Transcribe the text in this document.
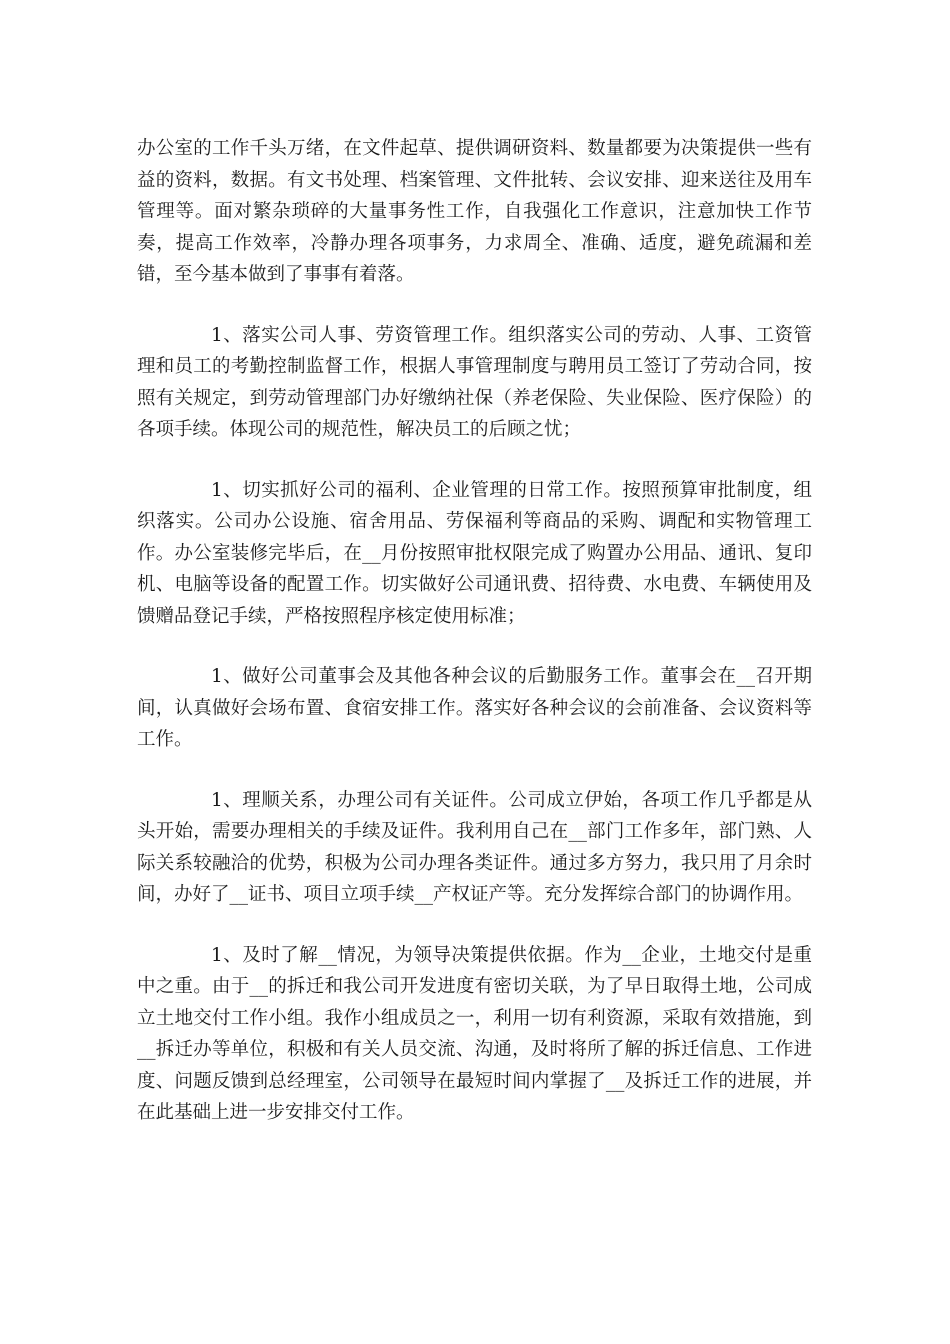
办公室的工作千头万绪，在文件起草、提供调研资料、数量都要为决策提供一些有益的资料，数据。有文书处理、档案管理、文件批转、会议安排、迎来送往及用车管理等。面对繁杂琐碎的大量事务性工作，自我强化工作意识，注意加快工作节奏，提高工作效率，冷静办理各项事务，力求周全、准确、适度，避免疏漏和差错，至今基本做到了事事有着落。

1、落实公司人事、劳资管理工作。组织落实公司的劳动、人事、工资管理和员工的考勤控制监督工作，根据人事管理制度与聘用员工签订了劳动合同，按照有关规定，到劳动管理部门办好缴纳社保（养老保险、失业保险、医疗保险）的各项手续。体现公司的规范性，解决员工的后顾之忧；

1、切实抓好公司的福利、企业管理的日常工作。按照预算审批制度，组织落实。公司办公设施、宿舍用品、劳保福利等商品的采购、调配和实物管理工作。办公室装修完毕后，在__月份按照审批权限完成了购置办公用品、通讯、复印机、电脑等设备的配置工作。切实做好公司通讯费、招待费、水电费、车辆使用及馈赠品登记手续，严格按照程序核定使用标准；

1、做好公司董事会及其他各种会议的后勤服务工作。董事会在__召开期间，认真做好会场布置、食宿安排工作。落实好各种会议的会前准备、会议资料等工作。

1、理顺关系，办理公司有关证件。公司成立伊始，各项工作几乎都是从头开始，需要办理相关的手续及证件。我利用自己在__部门工作多年，部门熟、人际关系较融洽的优势，积极为公司办理各类证件。通过多方努力，我只用了月余时间，办好了__证书、项目立项手续__产权证产等。充分发挥综合部门的协调作用。

1、及时了解__情况，为领导决策提供依据。作为__企业，土地交付是重中之重。由于__的拆迁和我公司开发进度有密切关联，为了早日取得土地，公司成立土地交付工作小组。我作小组成员之一，利用一切有利资源，采取有效措施，到__拆迁办等单位，积极和有关人员交流、沟通，及时将所了解的拆迁信息、工作进度、问题反馈到总经理室，公司领导在最短时间内掌握了__及拆迁工作的进展，并在此基础上进一步安排交付工作。
